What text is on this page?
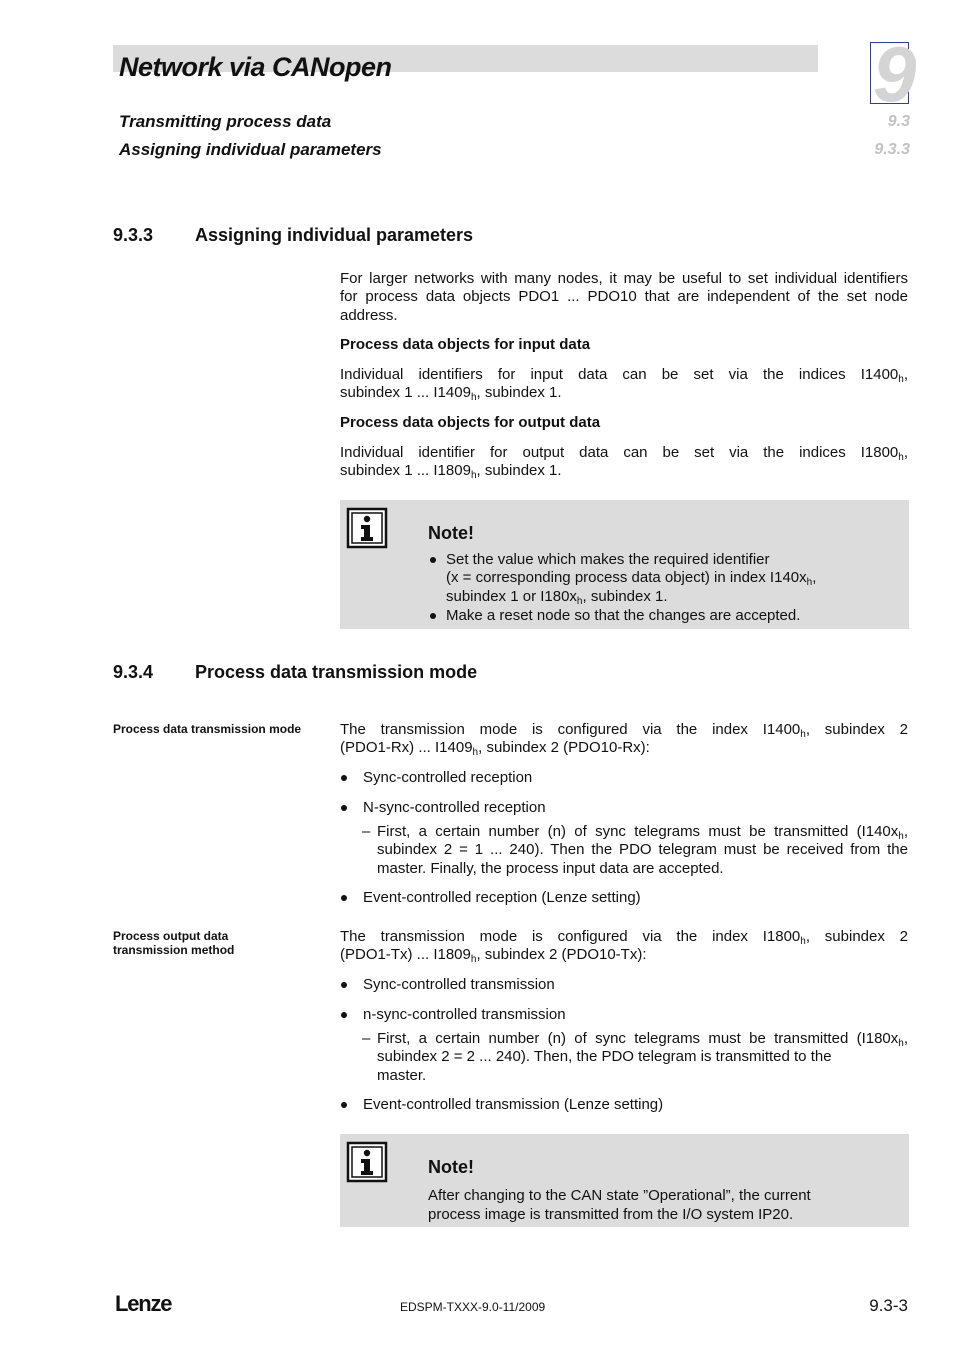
Network via CANopen
Transmitting process data
Assigning individual parameters
9
9.3
9.3.3
9.3.3 Assigning individual parameters
For larger networks with many nodes, it may be useful to set individual identifiers
for process data objects PDO1 ... PDO10 that are independent of the set node
address.
Process data objects for input data
Individual identifiers for input data can be set via the indices $I1400_h$,
subindex 1 ... $I1409_h$, subindex 1.
Process data objects for output data
Individual identifier for output data can be set via the indices $I1800_h$,
subindex 1 ... $I1809_h$, subindex 1.
Note!
Set the value which makes the required identifier
(x = corresponding process data object) in index $I140x_h$,
subindex 1 or $I180x_h$, subindex 1.
Make a reset node so that the changes are accepted.
9.3.4 Process data transmission mode
Process data transmission mode	The transmission mode is configured via the index $I1400_h$, subindex 2
(PDO1-Rx) ... $I1409_h$, subindex 2 (PDO10-Rx):
Sync-controlled reception
N-sync-controlled reception
– First, a certain number (n) of sync telegrams must be transmitted ($I140x_h$,
subindex 2 = 1 ... 240). Then the PDO telegram must be received from the
master. Finally, the process input data are accepted.
Event-controlled reception (Lenze setting)
Process output data
transmission method
The transmission mode is configured via the index $I1800_h$, subindex 2
(PDO1-Tx) ... $I1809_h$, subindex 2 (PDO10-Tx):
Sync-controlled transmission
n-sync-controlled transmission
– First, a certain number (n) of sync telegrams must be transmitted ($I180x_h$,
subindex 2 = 2 ... 240). Then, the PDO telegram is transmitted to the
master.
Event-controlled transmission (Lenze setting)
Note!
After changing to the CAN state ”Operational”, the current
process image is transmitted from the I/O system IP20.
Lenze	EDSPM-TXXX-9.0-11/2009	9.3-3
